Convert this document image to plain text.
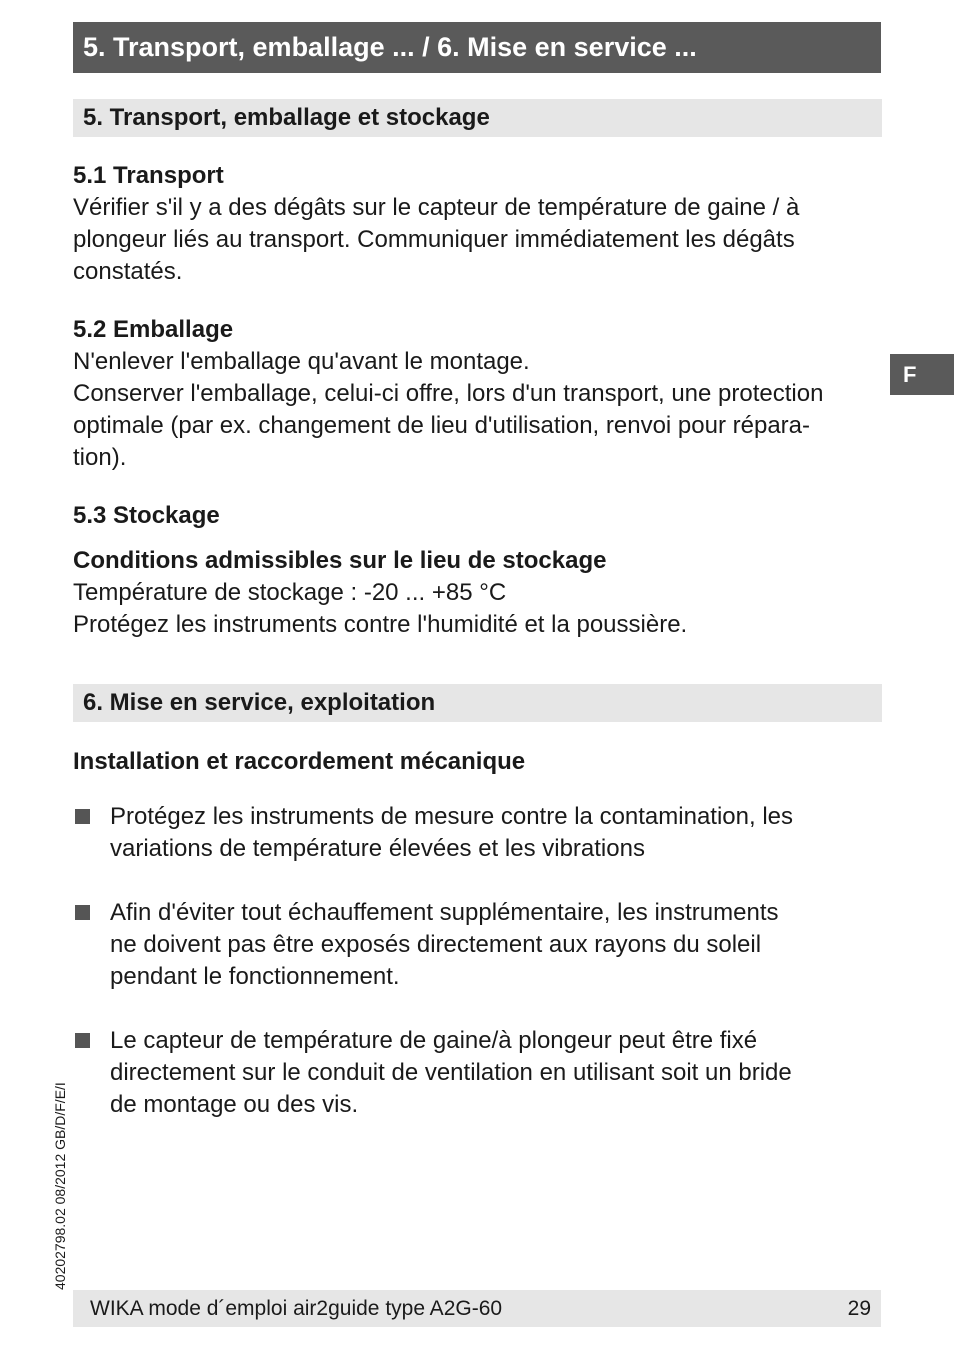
5. Transport, emballage ... / 6. Mise en service ...
F
5. Transport, emballage et stockage
5.1 Transport
Vérifier s'il y a des dégâts sur le capteur de température de gaine / à
plongeur liés au transport. Communiquer immédiatement les dégâts
constatés.
5.2 Emballage
N'enlever l'emballage qu'avant le montage.
Conserver l'emballage, celui-ci offre, lors d'un transport, une protection
optimale (par ex. changement de lieu d'utilisation, renvoi pour répara-
tion).
5.3 Stockage
Conditions admissibles sur le lieu de stockage
Température de stockage : -20 ... +85 °C
Protégez les instruments contre l'humidité et la poussière.
6. Mise en service, exploitation
Installation et raccordement mécanique
Protégez les instruments de mesure contre la contamination, les
variations de température élevées et les vibrations
Afin d'éviter tout échauffement supplémentaire, les instruments
ne doivent pas être exposés directement aux rayons du soleil
pendant le fonctionnement.
Le capteur de température de gaine/à plongeur peut être fixé
directement sur le conduit de ventilation en utilisant soit un bride
de montage ou des vis.
40202798.02 08/2012 GB/D/F/E/I
WIKA mode d´emploi air2guide type A2G-60	29
